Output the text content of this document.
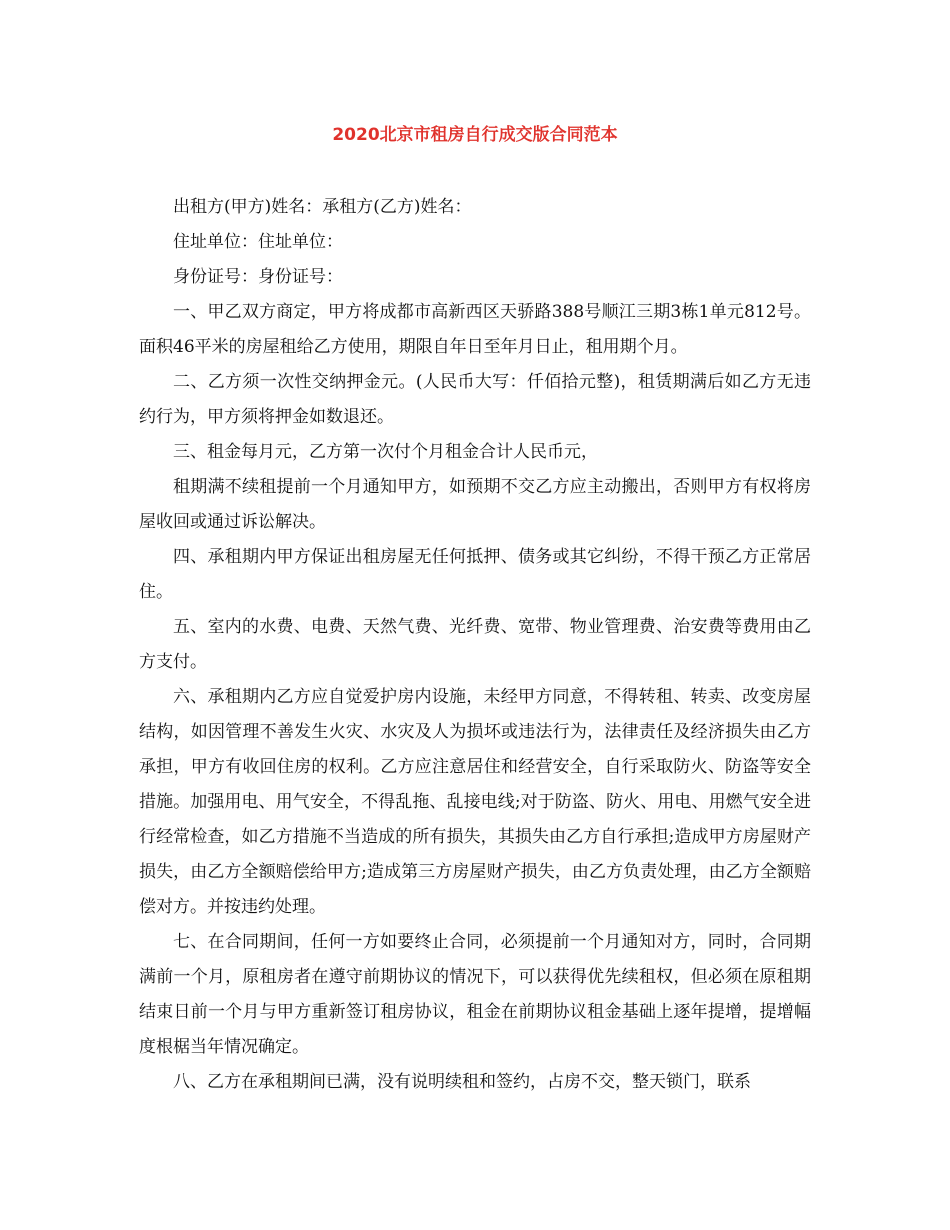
2020北京市租房自行成交版合同范本

出租方(甲方)姓名：承租方(乙方)姓名：

住址单位：住址单位：

身份证号：身份证号：

一、甲乙双方商定，甲方将成都市高新西区天骄路388号顺江三期3栋1单元812号。面积46平米的房屋租给乙方使用，期限自年日至年月日止，租用期个月。

二、乙方须一次性交纳押金元。(人民币大写：仟佰拾元整)，租赁期满后如乙方无违约行为，甲方须将押金如数退还。

三、租金每月元，乙方第一次付个月租金合计人民币元，

租期满不续租提前一个月通知甲方，如预期不交乙方应主动搬出，否则甲方有权将房屋收回或通过诉讼解决。

四、承租期内甲方保证出租房屋无任何抵押、债务或其它纠纷，不得干预乙方正常居住。

五、室内的水费、电费、天然气费、光纤费、宽带、物业管理费、治安费等费用由乙方支付。

六、承租期内乙方应自觉爱护房内设施，未经甲方同意，不得转租、转卖、改变房屋结构，如因管理不善发生火灾、水灾及人为损坏或违法行为，法律责任及经济损失由乙方承担，甲方有收回住房的权利。乙方应注意居住和经营安全，自行采取防火、防盗等安全措施。加强用电、用气安全，不得乱拖、乱接电线;对于防盗、防火、用电、用燃气安全进行经常检查，如乙方措施不当造成的所有损失，其损失由乙方自行承担;造成甲方房屋财产损失，由乙方全额赔偿给甲方;造成第三方房屋财产损失，由乙方负责处理，由乙方全额赔偿对方。并按违约处理。

七、在合同期间，任何一方如要终止合同，必须提前一个月通知对方，同时，合同期满前一个月，原租房者在遵守前期协议的情况下，可以获得优先续租权，但必须在原租期结束日前一个月与甲方重新签订租房协议，租金在前期协议租金基础上逐年提增，提增幅度根椐当年情况确定。

八、乙方在承租期间已满，没有说明续租和签约，占房不交，整天锁门，联系
